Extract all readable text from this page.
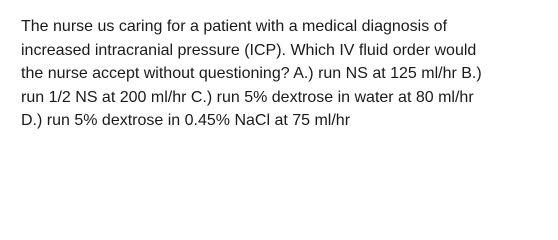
The nurse us caring for a patient with a medical diagnosis of
increased intracranial pressure (ICP). Which IV fluid order would
the nurse accept without questioning? A.) run NS at 125 ml/hr B.)
run 1/2 NS at 200 ml/hr C.) run 5% dextrose in water at 80 ml/hr
D.) run 5% dextrose in 0.45% NaCl at 75 ml/hr
